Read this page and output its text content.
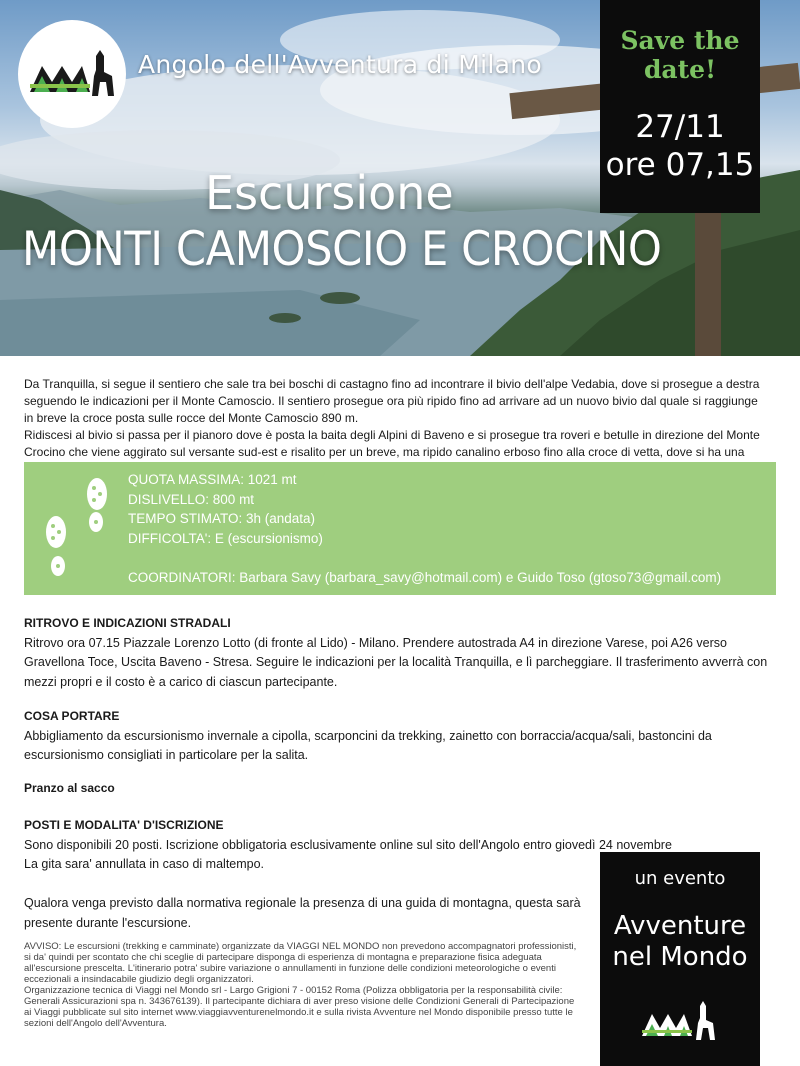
Angolo dell'Avventura di Milano
Escursione
MONTI CAMOSCIO E CROCINO
Save the
date!
27/11
ore 07,15

Da Tranquilla, si segue il sentiero che sale tra bei boschi di castagno fino ad incontrare il bivio dell'alpe Vedabia, dove si prosegue a destra seguendo le indicazioni per il Monte Camoscio. Il sentiero prosegue ora più ripido fino ad arrivare ad un nuovo bivio dal quale si raggiunge in breve la croce posta sulle rocce del Monte Camoscio 890 m.

Ridiscesi al bivio si passa per il pianoro dove è posta la baita degli Alpini di Baveno e si prosegue tra roveri e betulle in direzione del Monte Crocino che viene aggirato sul versante sud-est e risalito per un breve, ma ripido canalino erboso fino alla croce di vetta, dove si ha una

QUOTA MASSIMA: 1021 mt
DISLIVELLO: 800 mt
TEMPO STIMATO: 3h (andata)
DIFFICOLTA': E (escursionismo)
COORDINATORI: Barbara Savy (barbara_savy@hotmail.com) e Guido Toso (gtoso73@gmail.com)
RITROVO E INDICAZIONI STRADALI

Ritrovo ora 07.15 Piazzale Lorenzo Lotto (di fronte al Lido) - Milano. Prendere autostrada A4 in direzione Varese, poi A26 verso Gravellona Toce, Uscita Baveno - Stresa. Seguire le indicazioni per la località Tranquilla, e lì parcheggiare. Il trasferimento avverrà con mezzi propri e il costo è a carico di ciascun partecipante.

COSA PORTARE

Abbigliamento da escursionismo invernale a cipolla, scarponcini da trekking, zainetto con borraccia/acqua/sali, bastoncini da escursionismo consigliati in particolare per la salita.

Pranzo al sacco
POSTI E MODALITA' D'ISCRIZIONE

Sono disponibili 20 posti. Iscrizione obbligatoria esclusivamente online sul sito dell'Angolo entro giovedì 24 novembre

La gita sara' annullata in caso di maltempo.

Qualora venga previsto dalla normativa regionale la presenza di una guida di montagna, questa sarà presente durante l'escursione.

AVVISO: Le escursioni (trekking e camminate) organizzate da VIAGGI NEL MONDO non prevedono accompagnatori professionisti, si da' quindi per scontato che chi sceglie di partecipare disponga di esperienza di montagna e preparazione fisica adeguata all'escursione prescelta. L'itinerario potra' subire variazione o annullamenti in funzione delle condizioni meteorologiche o eventi eccezionali a insindacabile giudizio degli organizzatori.

Organizzazione tecnica di Viaggi nel Mondo srl - Largo Grigioni 7 - 00152 Roma (Polizza obbligatoria per la responsabilità civile: Generali Assicurazioni spa n. 343676139). Il partecipante dichiara di aver preso visione delle Condizioni Generali di Partecipazione ai Viaggi pubblicate sul sito internet www.viaggiavventurenelmondo.it e sulla rivista Avventure nel Mondo disponibile presso tutte le sezioni dell'Angolo dell'Avventura.

un evento
Avventure
nel Mondo
